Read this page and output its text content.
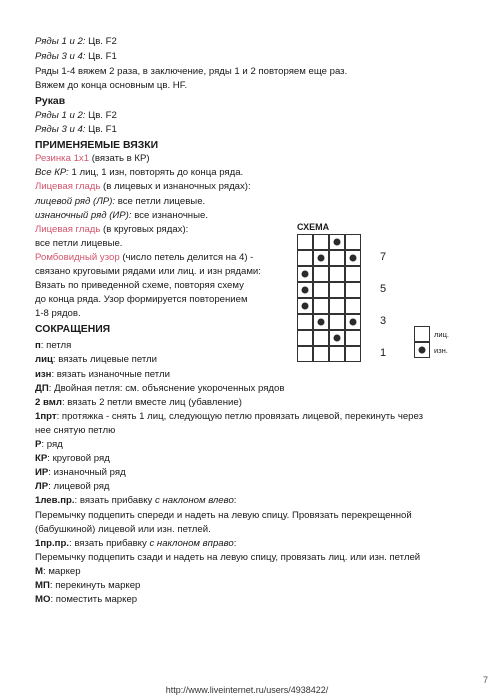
Ряды 1 и 2: Цв. F2
Ряды 3 и 4: Цв. F1
Ряды 1-4 вяжем 2 раза, в заключение, ряды 1 и 2 повторяем еще раз.
Вяжем до конца основным цв. HF.
Рукав
Ряды 1 и 2: Цв. F2
Ряды 3 и 4: Цв. F1
ПРИМЕНЯЕМЫЕ ВЯЗКИ
Резинка 1х1 (вязать в КР)
Все КР: 1 лиц, 1 изн, повторять до конца ряда.
Лицевая гладь (в лицевых и изнаночных рядах):
лицевой ряд (ЛР): все петли лицевые.
изнаночный ряд (ИР): все изнаночные.
Лицевая гладь (в круговых рядах):
все петли лицевые.
Ромбовидный узор (число петель делится на 4) -
связано круговыми рядами или лиц. и изн рядами:
Вязать по приведенной схеме, повторяя схему
до конца ряда. Узор формируется повторением
1-8 рядов.
СХЕМА
7
5
3
1
лиц.
изн.
СОКРАЩЕНИЯ
п: петля
лиц: вязать лицевые петли
изн: вязать изнаночные петли
ДП: Двойная петля: см. объяснение укороченных рядов
2 вмл: вязать 2 петли вместе лиц (убавление)
1прт: протяжка - снять 1 лиц, следующую петлю провязать лицевой, перекинуть через
нее снятую петлю
Р: ряд
КР: круговой ряд
ИР: изнаночный ряд
ЛР: лицевой ряд
1лев.пр.: вязать прибавку с наклоном влево:
Перемычку подцепить спереди и надеть на левую спицу. Провязать перекрещенной
(бабушкиной) лицевой или изн. петлей.
1пр.пр.: вязать прибавку с наклоном вправо:
Перемычку подцепить сзади и надеть на левую спицу, провязать лиц. или изн. петлей
М: маркер
МП: перекинуть маркер
МО: поместить маркер
7
http://www.liveinternet.ru/users/4938422/
